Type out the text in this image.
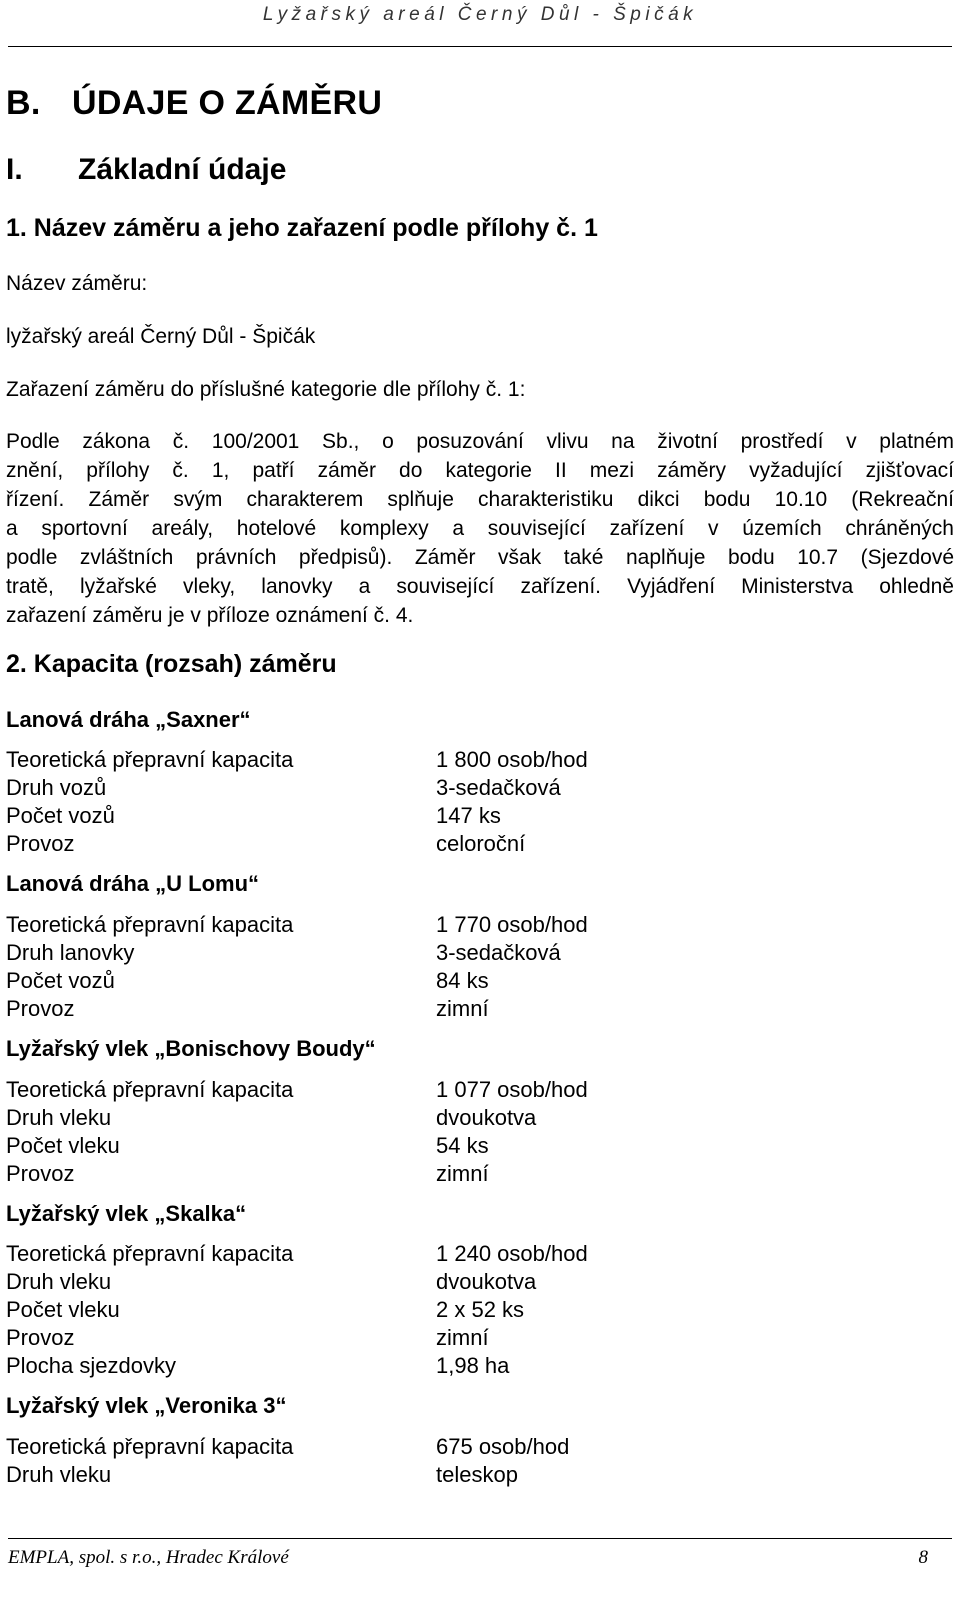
Lyžařský areál Černý Důl - Špičák
B. ÚDAJE O ZÁMĚRU
I. Základní údaje
1. Název záměru a jeho zařazení podle přílohy č. 1
Název záměru:
lyžařský areál Černý Důl - Špičák
Zařazení záměru do příslušné kategorie dle přílohy č. 1:
Podle zákona č. 100/2001 Sb., o posuzování vlivu na životní prostředí v platném
znění, přílohy č. 1, patří záměr do kategorie II mezi záměry vyžadující zjišťovací
řízení. Záměr svým charakterem splňuje charakteristiku dikci bodu 10.10 (Rekreační
a sportovní areály, hotelové komplexy a související zařízení v územích chráněných
podle zvláštních právních předpisů). Záměr však také naplňuje bodu 10.7 (Sjezdové
tratě, lyžařské vleky, lanovky a související zařízení. Vyjádření Ministerstva ohledně
zařazení záměru je v příloze oznámení č. 4.
2. Kapacita (rozsah) záměru
Lanová dráha „Saxner“
Teoretická přepravní kapacita	1 800 osob/hod
Druh vozů	3-sedačková
Počet vozů	147 ks
Provoz	celoroční
Lanová dráha „U Lomu“
Teoretická přepravní kapacita	1 770 osob/hod
Druh lanovky	3-sedačková
Počet vozů	84 ks
Provoz	zimní
Lyžařský vlek „Bonischovy Boudy“
Teoretická přepravní kapacita	1 077 osob/hod
Druh vleku	dvoukotva
Počet vleku	54 ks
Provoz	zimní
Lyžařský vlek „Skalka“
Teoretická přepravní kapacita	1 240 osob/hod
Druh vleku	dvoukotva
Počet vleku	2 x 52 ks
Provoz	zimní
Plocha sjezdovky	1,98 ha
Lyžařský vlek „Veronika 3“
Teoretická přepravní kapacita	675 osob/hod
Druh vleku	teleskop
EMPLA, spol. s r.o., Hradec Králové	8
